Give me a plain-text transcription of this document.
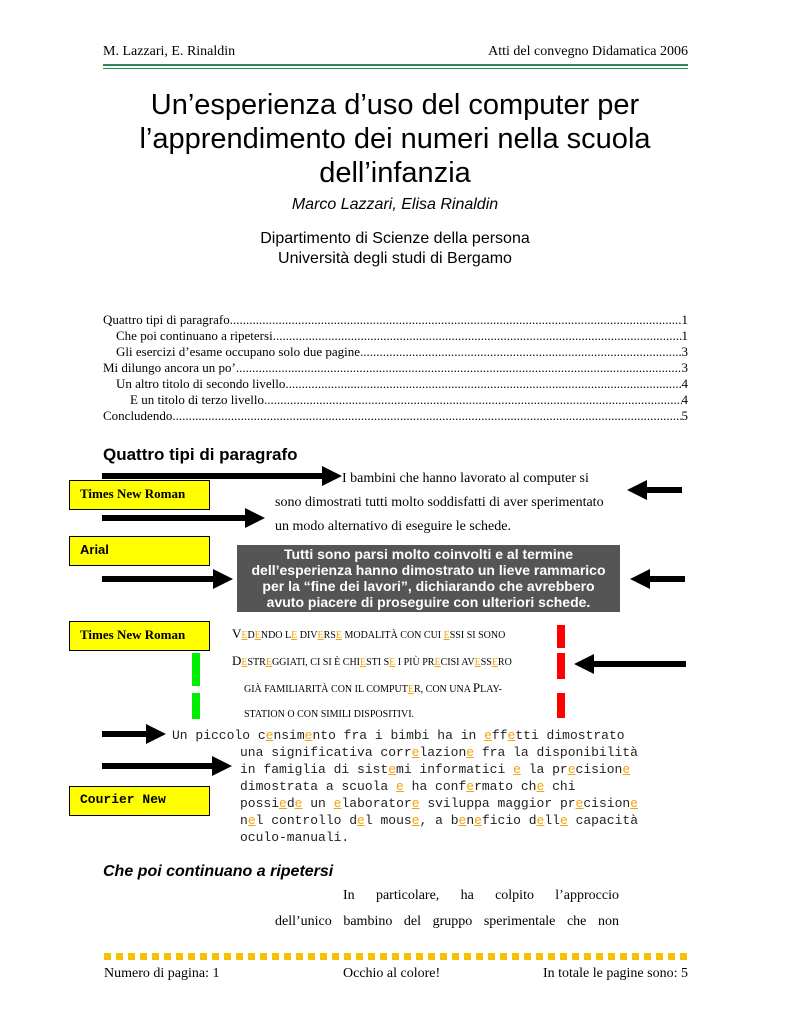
M. Lazzari, E. Rinaldin	Atti del convegno Didamatica 2006
Un’esperienza d’uso del computer per
l’apprendimento dei numeri nella scuola
dell’infanzia
Marco Lazzari, Elisa Rinaldin
Dipartimento di Scienze della persona
Università degli studi di Bergamo
Quattro tipi di paragrafo .....	1
Che poi continuano a ripetersi .....	1
Gli esercizi d’esame occupano solo due pagine .....	3
Mi dilungo ancora un po’ .....	3
Un altro titolo di secondo livello .....	4
E un titolo di terzo livello .....	4
Concludendo .....	5
Quattro tipi di paragrafo
Times New Roman
Arial
Times New Roman
Courier New
I bambini che hanno lavorato al computer si
sono dimostrati tutti molto soddisfatti di aver sperimentato
un modo alternativo di eseguire le schede.
Tutti sono parsi molto coinvolti e al termine
dell’esperienza hanno dimostrato un lieve rammarico
per la “fine dei lavori”, dichiarando che avrebbero
avuto piacere di proseguire con ulteriori schede.
VEDENDO LE DIVERSE MODALITÀ CON CUI ESSI SI SONO
DESTREGGIATI, CI SI È CHIESTI SE I PIÙ PRECISI AVESSERO
GIÀ FAMILIARITÀ CON IL COMPUTER, CON UNA PLAY-
STATION O CON SIMILI DISPOSITIVI.
Un piccolo censimento fra i bimbi ha in effetti dimostrato
una significativa correlazione fra la disponibilità
in famiglia di sistemi informatici e la precisione
dimostrata a scuola e ha confermato che chi
possiede un elaboratore sviluppa maggior precisione
nel controllo del mouse, a beneficio delle capacità
oculo-manuali.
Che poi continuano a ripetersi
In particolare, ha colpito l’approccio
dell’unico bambino del gruppo sperimentale che non
Numero di pagina: 1	Occhio al colore!	In totale le pagine sono: 5
